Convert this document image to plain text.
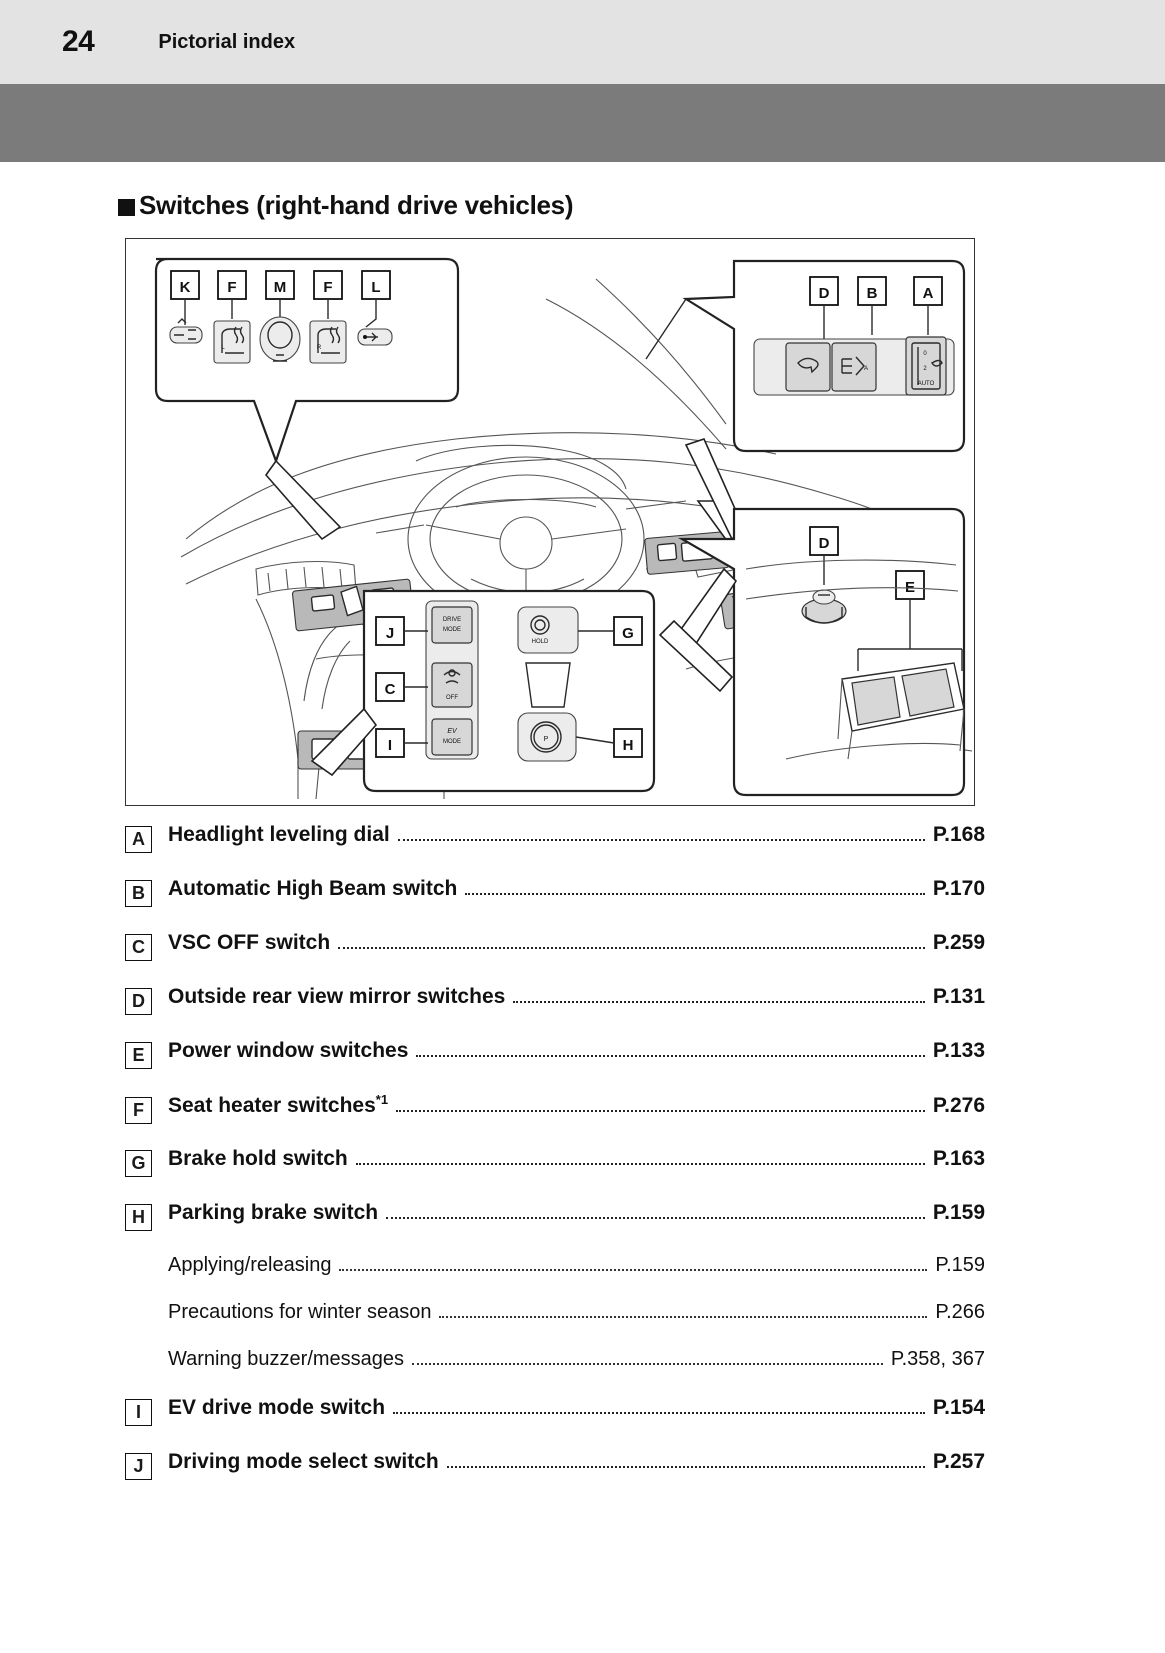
24	Pictorial index
Switches (right-hand drive vehicles)
K F M F	L
L	R
D B	A
A
0
2
AUTO
J
C
I
G
H
DRIVE
MODE
OFF
EV
MODE
HOLD
P
D
E
A	Headlight leveling dial	P.168
B	Automatic High Beam switch	P.170
C	VSC OFF switch	P.259
D	Outside rear view mirror switches	P.131
E	Power window switches	P.133
F	Seat heater switches$^{*1}$	P.276
G	Brake hold switch	P.163
H	Parking brake switch	P.159
Applying/releasing	P.159
Precautions for winter season	P.266
Warning buzzer/messages	P.358, 367
I	EV drive mode switch	P.154
J	Driving mode select switch	P.257
